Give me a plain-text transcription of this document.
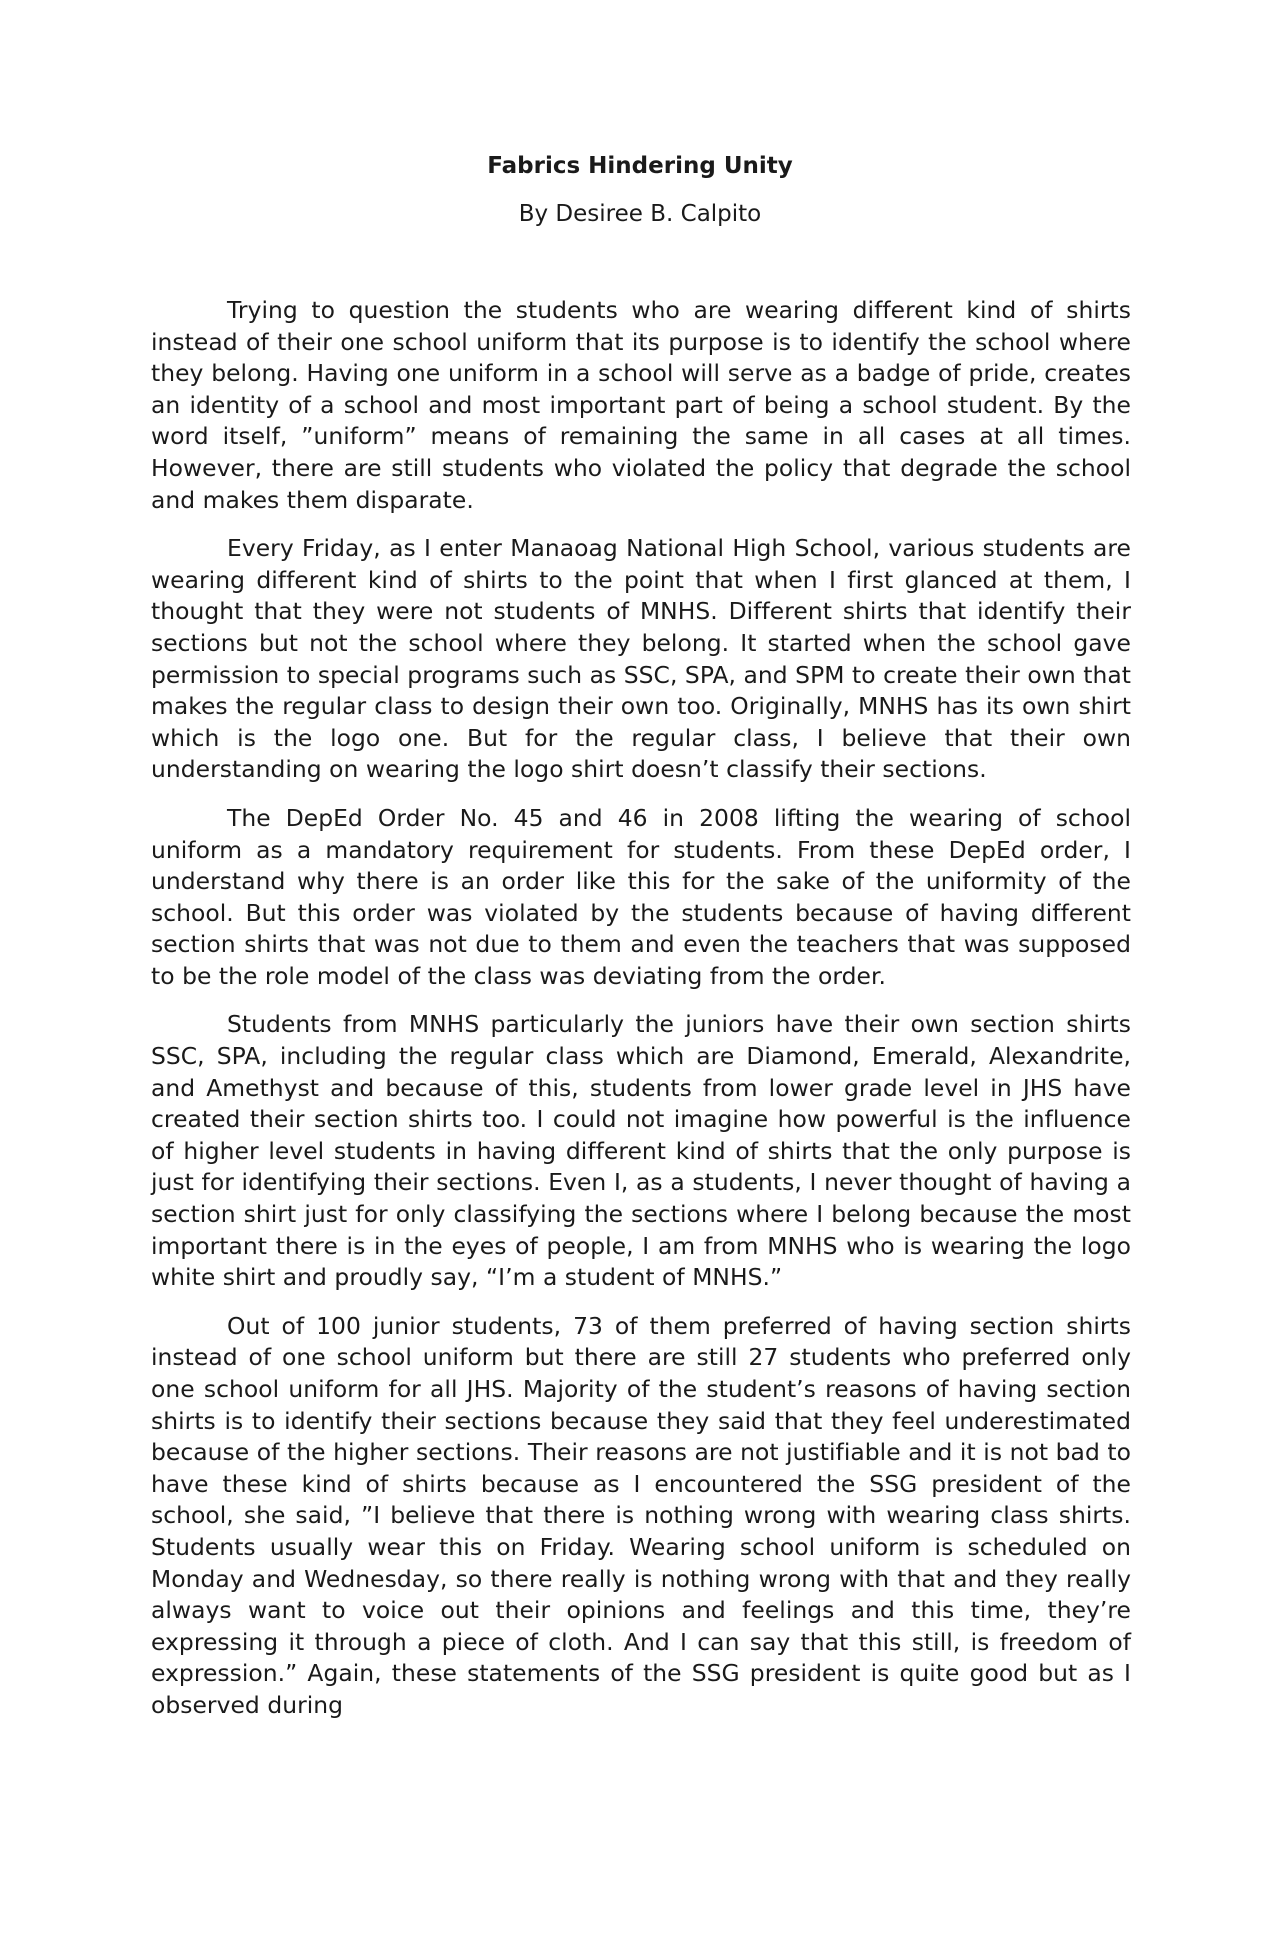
Fabrics Hindering Unity

By Desiree B. Calpito

Trying to question the students who are wearing different kind of shirts instead of their one school uniform that its purpose is to identify the school where they belong. Having one uniform in a school will serve as a badge of pride, creates an identity of a school and most important part of being a school student. By the word itself, ”uniform” means of remaining the same in all cases at all times. However, there are still students who violated the policy that degrade the school and makes them disparate.

Every Friday, as I enter Manaoag National High School, various students are wearing different kind of shirts to the point that when I first glanced at them, I thought that they were not students of MNHS. Different shirts that identify their sections but not the school where they belong. It started when the school gave permission to special programs such as SSC, SPA, and SPM to create their own that makes the regular class to design their own too. Originally, MNHS has its own shirt which is the logo one. But for the regular class, I believe that their own understanding on wearing the logo shirt doesn’t classify their sections.

The DepEd Order No. 45 and 46 in 2008 lifting the wearing of school uniform as a mandatory requirement for students. From these DepEd order, I understand why there is an order like this for the sake of the uniformity of the school. But this order was violated by the students because of having different section shirts that was not due to them and even the teachers that was supposed to be the role model of the class was deviating from the order.

Students from MNHS particularly the juniors have their own section shirts SSC, SPA, including the regular class which are Diamond, Emerald, Alexandrite, and Amethyst and because of this, students from lower grade level in JHS have created their section shirts too. I could not imagine how powerful is the influence of higher level students in having different kind of shirts that the only purpose is just for identifying their sections. Even I, as a students, I never thought of having a section shirt just for only classifying the sections where I belong because the most important there is in the eyes of people, I am from MNHS who is wearing the logo white shirt and proudly say, “I’m a student of MNHS.”

Out of 100 junior students, 73 of them preferred of having section shirts instead of one school uniform but there are still 27 students who preferred only one school uniform for all JHS. Majority of the student’s reasons of having section shirts is to identify their sections because they said that they feel underestimated because of the higher sections. Their reasons are not justifiable and it is not bad to have these kind of shirts because as I encountered the SSG president of the school, she said, ”I believe that there is nothing wrong with wearing class shirts. Students usually wear this on Friday. Wearing school uniform is scheduled on Monday and Wednesday, so there really is nothing wrong with that and they really always want to voice out their opinions and feelings and this time, they’re expressing it through a piece of cloth. And I can say that this still, is freedom of expression.” Again, these statements of the SSG president is quite good but as I observed during
